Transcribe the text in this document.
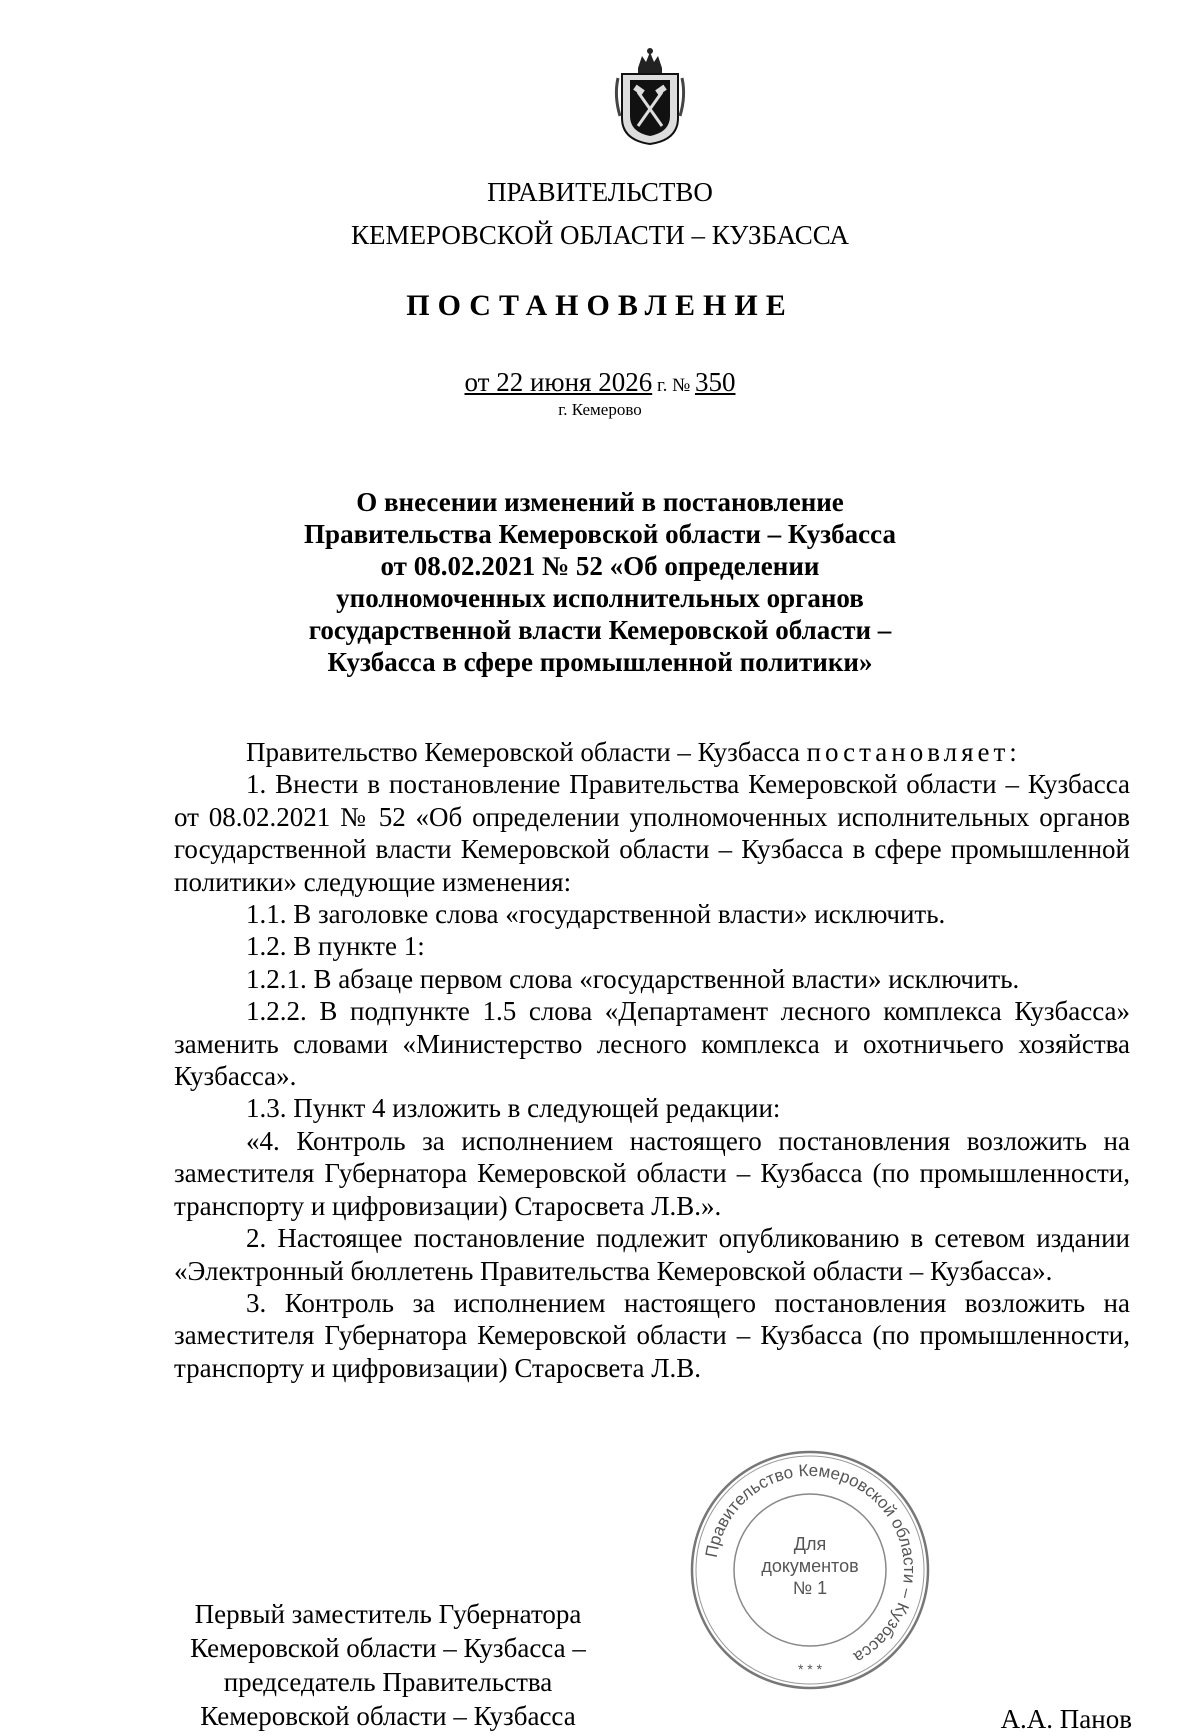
ПРАВИТЕЛЬСТВО
КЕМЕРОВСКОЙ ОБЛАСТИ – КУЗБАССА
ПОСТАНОВЛЕНИЕ
от 22 июня 2026 г. № 350
г. Кемерово
О внесении изменений в постановление
Правительства Кемеровской области – Кузбасса
от 08.02.2021 № 52 «Об определении
уполномоченных исполнительных органов
государственной власти Кемеровской области –
Кузбасса в сфере промышленной политики»

Правительство Кемеровской области – Кузбасса постановляет:

1. Внести в постановление Правительства Кемеровской области – Кузбасса от 08.02.2021 № 52 «Об определении уполномоченных исполнительных органов государственной власти Кемеровской области – Кузбасса в сфере промышленной политики» следующие изменения:

1.1. В заголовке слова «государственной власти» исключить.

1.2. В пункте 1:

1.2.1. В абзаце первом слова «государственной власти» исключить.

1.2.2. В подпункте 1.5 слова «Департамент лесного комплекса Кузбасса» заменить словами «Министерство лесного комплекса и охотничьего хозяйства Кузбасса».

1.3. Пункт 4 изложить в следующей редакции:

«4. Контроль за исполнением настоящего постановления возложить на заместителя Губернатора Кемеровской области – Кузбасса (по промышленности, транспорту и цифровизации) Старосвета Л.В.».

2. Настоящее постановление подлежит опубликованию в сетевом издании «Электронный бюллетень Правительства Кемеровской области – Кузбасса».

3. Контроль за исполнением настоящего постановления возложить на заместителя Губернатора Кемеровской области – Кузбасса (по промышленности, транспорту и цифровизации) Старосвета Л.В.

Правительство Кемеровской области – Кузбасса
Для
документов
№ 1
* * *
Первый заместитель Губернатора
Кемеровской области – Кузбасса –
председатель Правительства
Кемеровской области – Кузбасса	А.А. Панов
